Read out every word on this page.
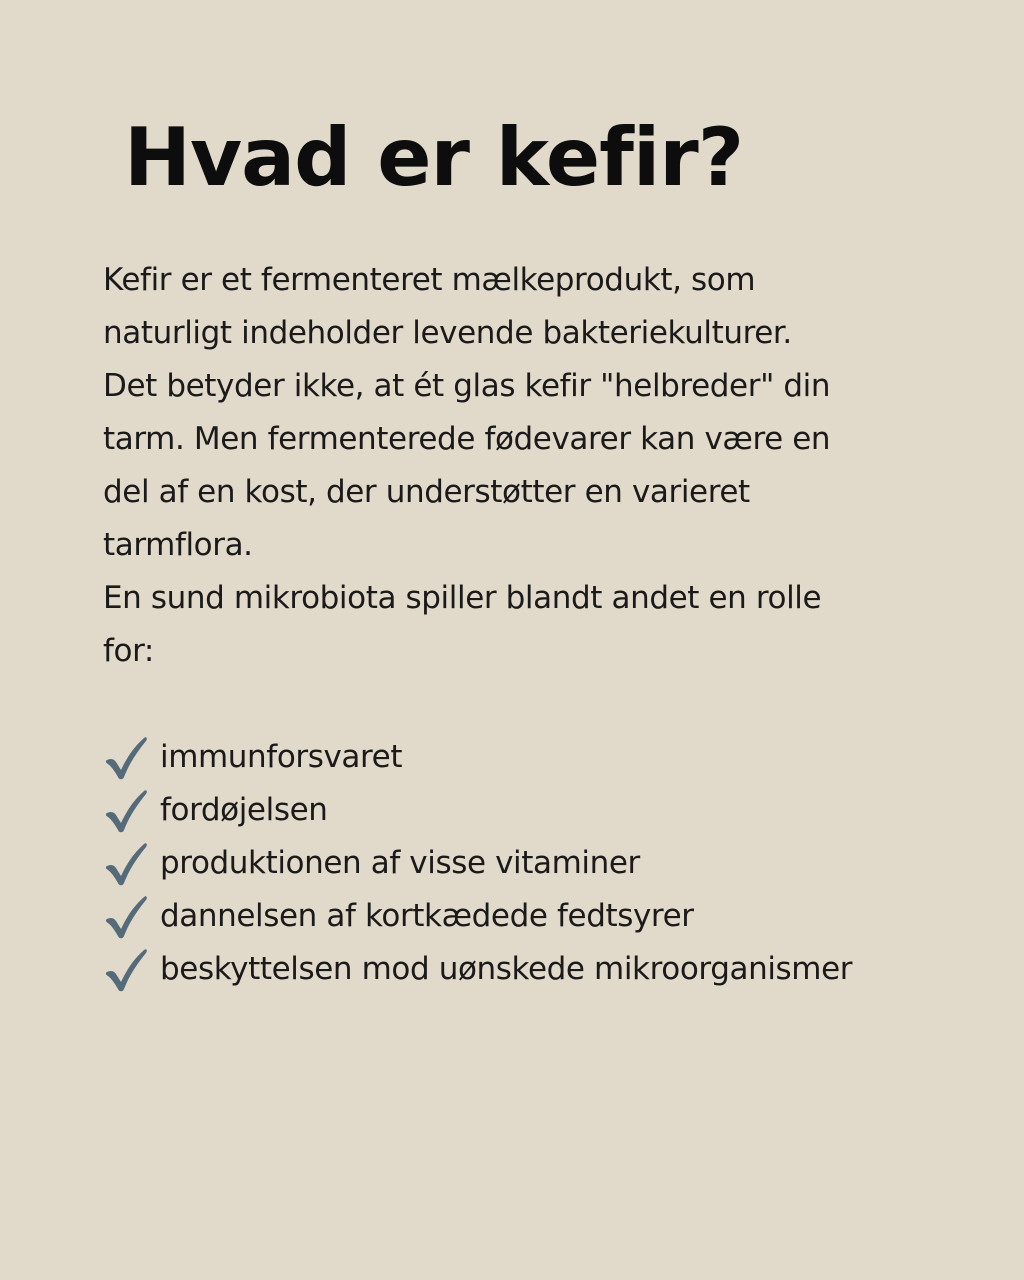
Hvad er kefir?
Kefir er et fermenteret mælkeprodukt, som
naturligt indeholder levende bakteriekulturer.
Det betyder ikke, at ét glas kefir "helbreder" din
tarm. Men fermenterede fødevarer kan være en
del af en kost, der understøtter en varieret
tarmflora.
En sund mikrobiota spiller blandt andet en rolle
for:
immunforsvaret
fordøjelsen
produktionen af visse vitaminer
dannelsen af kortkædede fedtsyrer
beskyttelsen mod uønskede mikroorganismer
